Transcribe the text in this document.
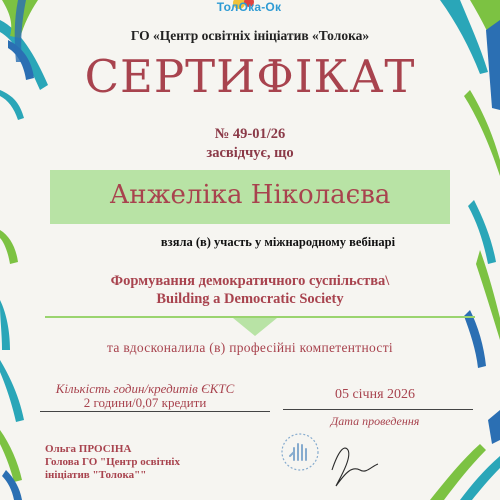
ТолОка-Ок
ГО «Центр освітніх ініціатив «Толока»
СЕРТИФІКАТ
№ 49-01/26
засвідчує, що
Анжеліка Ніколаєва
взяла (в) участь у міжнародному вебінарі
Формування демократичного суспільства\
Building a Democratic Society
та вдосконалила (в) професійні компетентності
Кількість годин/кредитів ЄКТС
2 години/0,07 кредити
05 січня 2026
Дата проведення
Ольга ПРОСІНА
Голова ГО "Центр освітніх
ініціатив "Толока""
